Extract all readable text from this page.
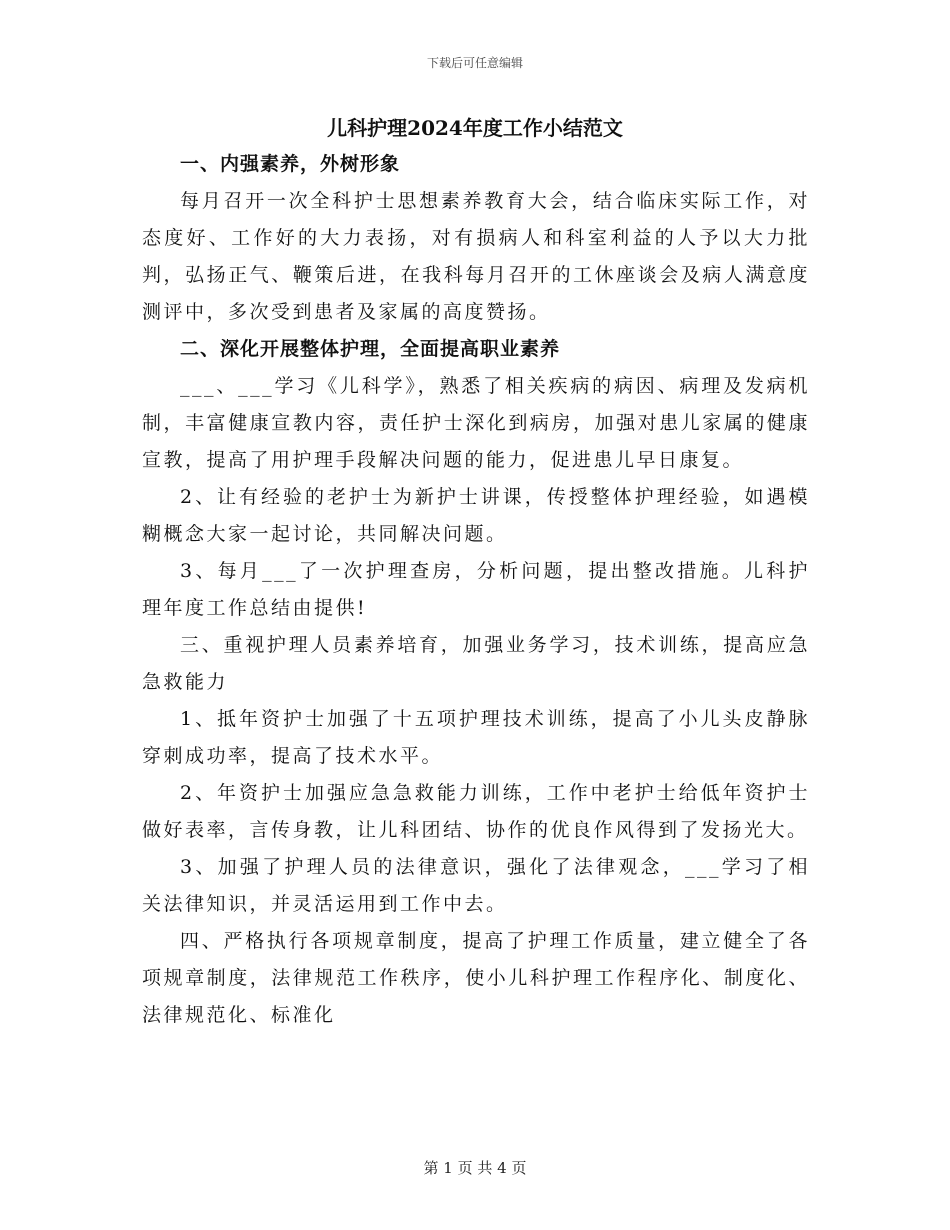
下载后可任意编辑
儿科护理2024年度工作小结范文

一、内强素养，外树形象

每月召开一次全科护士思想素养教育大会，结合临床实际工作，对态度好、工作好的大力表扬，对有损病人和科室利益的人予以大力批判，弘扬正气、鞭策后进，在我科每月召开的工休座谈会及病人满意度测评中，多次受到患者及家属的高度赞扬。

二、深化开展整体护理，全面提高职业素养

___、___学习《儿科学》，熟悉了相关疾病的病因、病理及发病机制，丰富健康宣教内容，责任护士深化到病房，加强对患儿家属的健康宣教，提高了用护理手段解决问题的能力，促进患儿早日康复。

2、让有经验的老护士为新护士讲课，传授整体护理经验，如遇模糊概念大家一起讨论，共同解决问题。

3、每月___了一次护理查房，分析问题，提出整改措施。儿科护理年度工作总结由提供!

三、重视护理人员素养培育，加强业务学习，技术训练，提高应急急救能力

1、抵年资护士加强了十五项护理技术训练，提高了小儿头皮静脉穿刺成功率，提高了技术水平。

2、年资护士加强应急急救能力训练，工作中老护士给低年资护士做好表率，言传身教，让儿科团结、协作的优良作风得到了发扬光大。

3、加强了护理人员的法律意识，强化了法律观念，___学习了相关法律知识，并灵活运用到工作中去。

四、严格执行各项规章制度，提高了护理工作质量，建立健全了各项规章制度，法律规范工作秩序，使小儿科护理工作程序化、制度化、法律规范化、标准化

第 1 页 共 4 页
